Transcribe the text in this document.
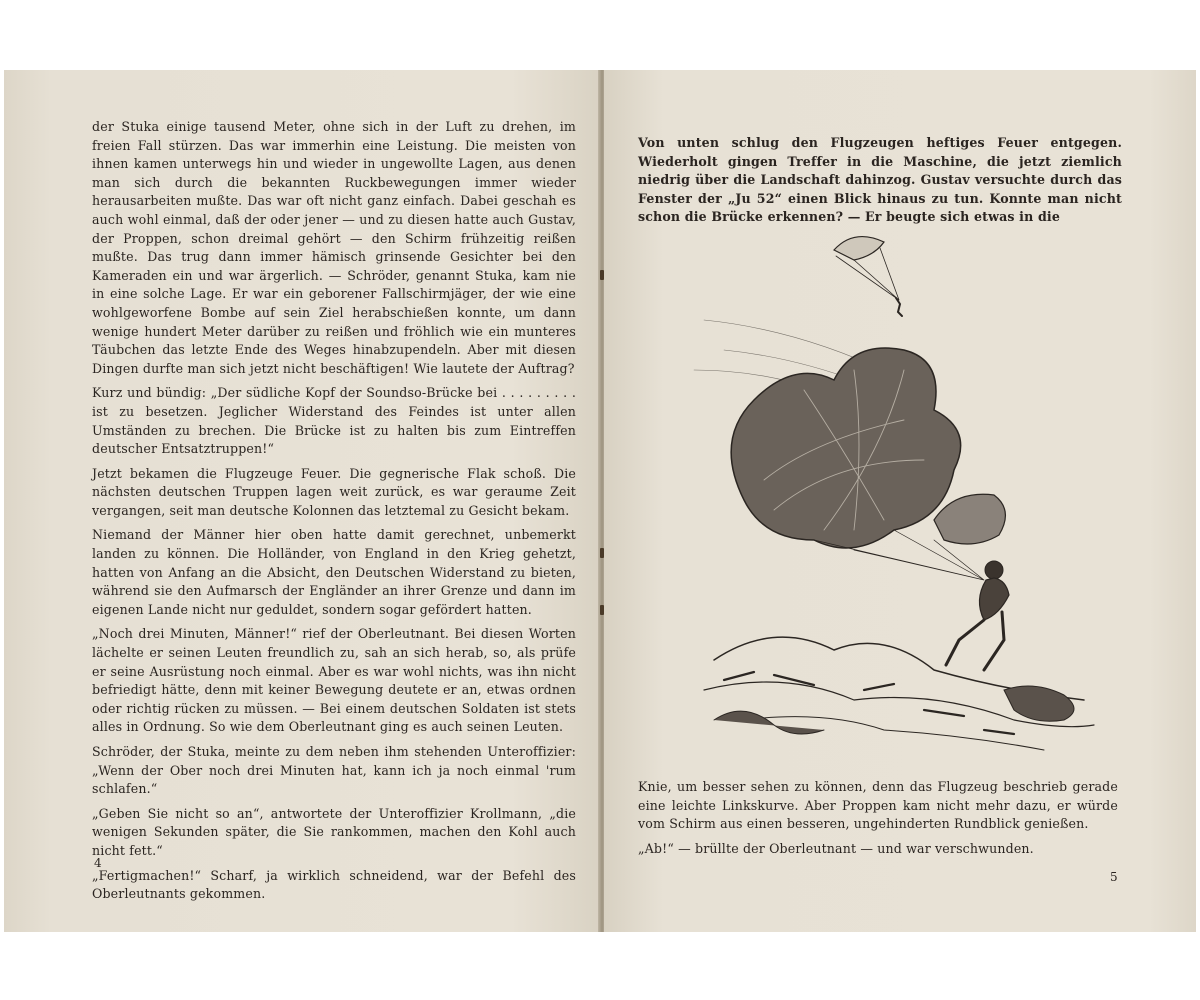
der Stuka einige tausend Meter, ohne sich in der Luft zu drehen, im freien Fall stürzen. Das war immerhin eine Leistung. Die meisten von ihnen kamen unterwegs hin und wieder in ungewollte Lagen, aus denen man sich durch die bekannten Ruckbewegungen immer wieder herausarbeiten mußte. Das war oft nicht ganz einfach. Dabei geschah es auch wohl einmal, daß der oder jener — und zu diesen hatte auch Gustav, der Proppen, schon dreimal gehört — den Schirm frühzeitig reißen mußte. Das trug dann immer hämisch grinsende Gesichter bei den Kameraden ein und war ärgerlich. — Schröder, genannt Stuka, kam nie in eine solche Lage. Er war ein geborener Fallschirmjäger, der wie eine wohlgeworfene Bombe auf sein Ziel herabschießen konnte, um dann wenige hundert Meter darüber zu reißen und fröhlich wie ein munteres Täubchen das letzte Ende des Weges hinabzupendeln. Aber mit diesen Dingen durfte man sich jetzt nicht beschäftigen! Wie lautete der Auftrag?

Kurz und bündig: „Der südliche Kopf der Soundso-Brücke bei . . . . . . . . . ist zu besetzen. Jeglicher Widerstand des Feindes ist unter allen Umständen zu brechen. Die Brücke ist zu halten bis zum Eintreffen deutscher Entsatztruppen!“

Jetzt bekamen die Flugzeuge Feuer. Die gegnerische Flak schoß. Die nächsten deutschen Truppen lagen weit zurück, es war geraume Zeit vergangen, seit man deutsche Kolonnen das letztemal zu Gesicht bekam.

Niemand der Männer hier oben hatte damit gerechnet, unbemerkt landen zu können. Die Holländer, von England in den Krieg gehetzt, hatten von Anfang an die Absicht, den Deutschen Widerstand zu bieten, während sie den Aufmarsch der Engländer an ihrer Grenze und dann im eigenen Lande nicht nur geduldet, sondern sogar gefördert hatten.

„Noch drei Minuten, Männer!“ rief der Oberleutnant. Bei diesen Worten lächelte er seinen Leuten freundlich zu, sah an sich herab, so, als prüfe er seine Ausrüstung noch einmal. Aber es war wohl nichts, was ihn nicht befriedigt hätte, denn mit keiner Bewegung deutete er an, etwas ordnen oder richtig rücken zu müssen. — Bei einem deutschen Soldaten ist stets alles in Ordnung. So wie dem Oberleutnant ging es auch seinen Leuten.

Schröder, der Stuka, meinte zu dem neben ihm stehenden Unteroffizier: „Wenn der Ober noch drei Minuten hat, kann ich ja noch einmal 'rum schlafen.“

„Geben Sie nicht so an“, antwortete der Unteroffizier Krollmann, „die wenigen Sekunden später, die Sie rankommen, machen den Kohl auch nicht fett.“

„Fertigmachen!“ Scharf, ja wirklich schneidend, war der Befehl des Oberleutnants gekommen.

4

Von unten schlug den Flugzeugen heftiges Feuer entgegen. Wiederholt gingen Treffer in die Maschine, die jetzt ziemlich niedrig über die Landschaft dahinzog. Gustav versuchte durch das Fenster der „Ju 52“ einen Blick hinaus zu tun. Konnte man nicht schon die Brücke erkennen? — Er beugte sich etwas in die

Knie, um besser sehen zu können, denn das Flugzeug beschrieb gerade eine leichte Linkskurve. Aber Proppen kam nicht mehr dazu, er würde vom Schirm aus einen besseren, ungehinderten Rundblick genießen.

„Ab!“ — brüllte der Oberleutnant — und war verschwunden.

5
